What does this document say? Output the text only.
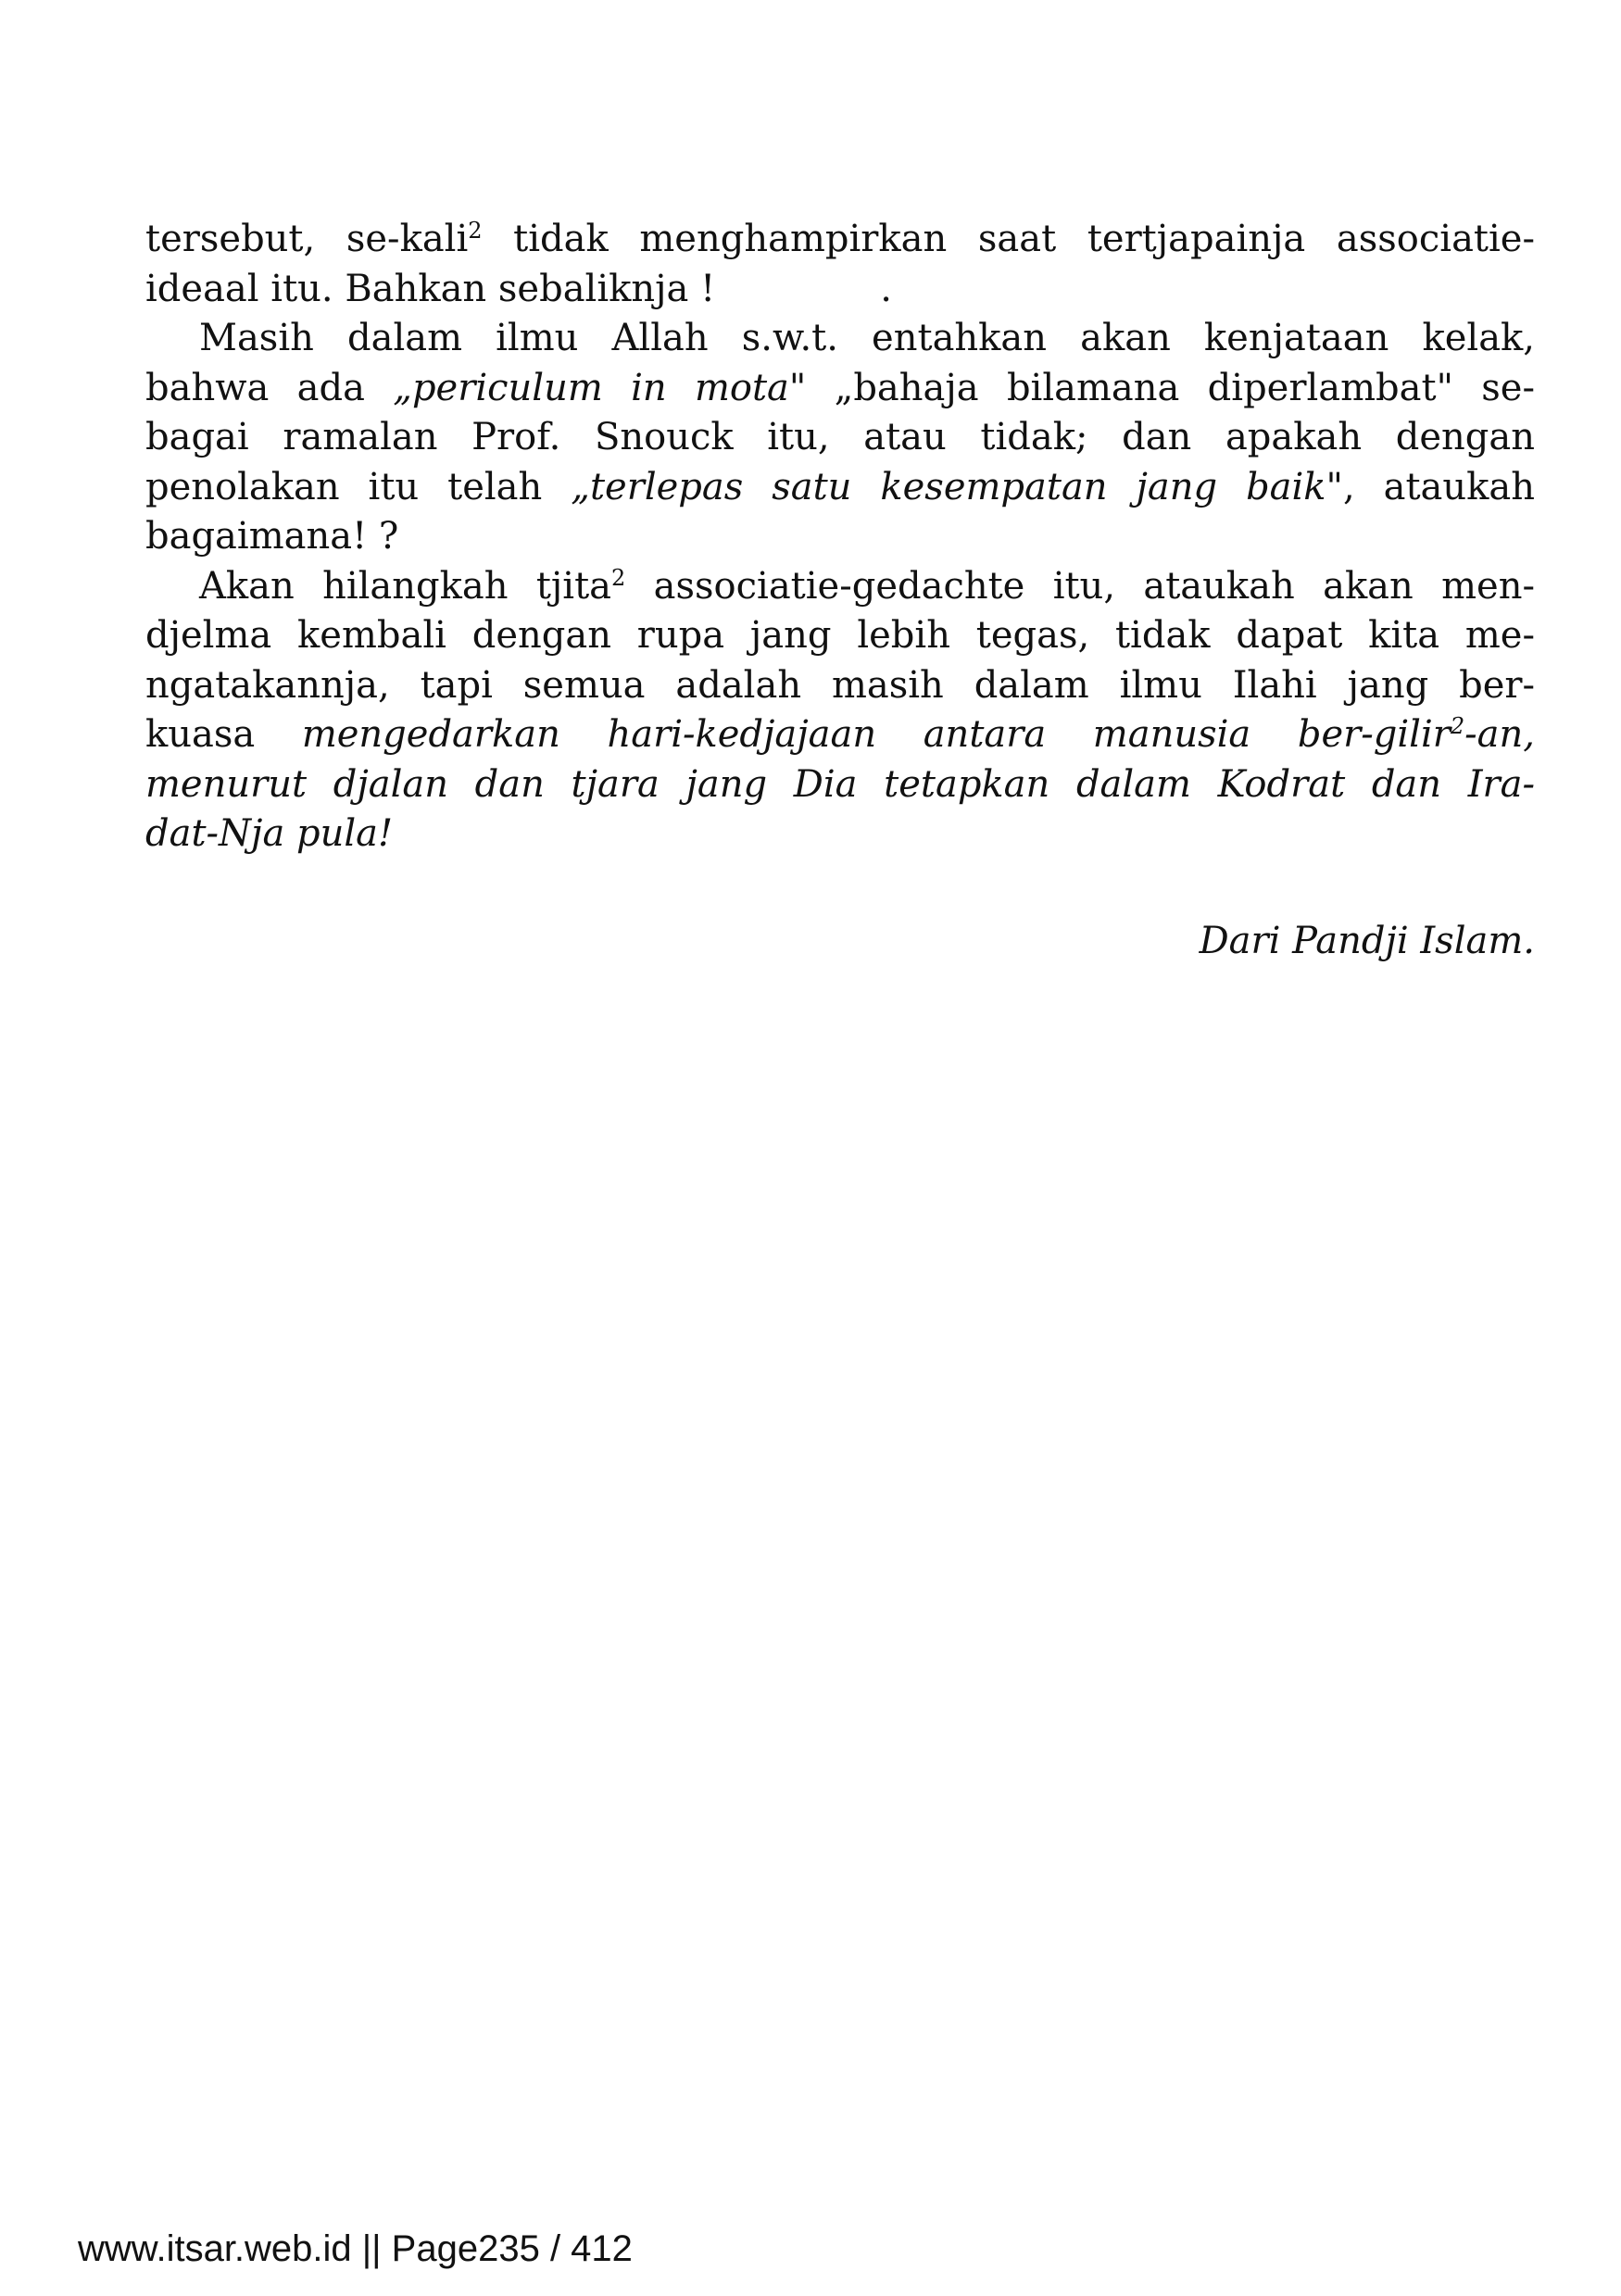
tersebut, se-kali$^2$ tidak menghampirkan saat tertjapainja associatie-
ideaal itu. Bahkan sebaliknja !	.
Masih dalam ilmu Allah s.w.t. entahkan akan kenjataan kelak,
bahwa ada „periculum in mota" „bahaja bilamana diperlambat" se-
bagai ramalan Prof. Snouck itu, atau tidak; dan apakah dengan
penolakan itu telah „terlepas satu kesempatan jang baik", ataukah
bagaimana! ?
Akan hilangkah tjita$^2$ associatie-gedachte itu, ataukah akan men-
djelma kembali dengan rupa jang lebih tegas, tidak dapat kita me-
ngatakannja, tapi semua adalah masih dalam ilmu Ilahi jang ber-
kuasa mengedarkan hari-kedjajaan antara manusia ber-gilir$^2$-an,
menurut djalan dan tjara jang Dia tetapkan dalam Kodrat dan Ira-
dat-Nja pula!
Dari Pandji Islam.
www.itsar.web.id || Page235 / 412
